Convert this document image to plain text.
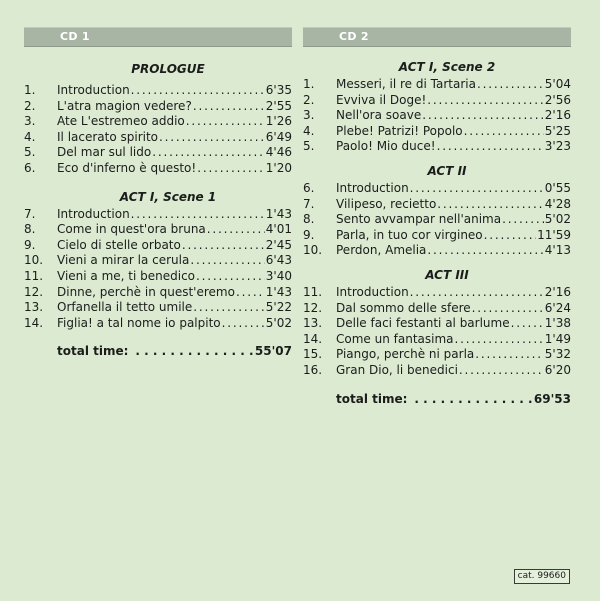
CD 1
PROLOGUE
1.	Introduction . . .	6'35
2.	L'atra magion vedere? . . .	2'55
3.	Ate L'estremeo addio . . .	1'26
4.	Il lacerato spirito . . .	6'49
5.	Del mar sul lido . . .	4'46
6.	Eco d'inferno è questo! . . .	1'20
ACT I, Scene 1
7.	Introduction . . .	1'43
8.	Come in quest'ora bruna . . .	4'01
9.	Cielo di stelle orbato . . .	2'45
10.	Vieni a mirar la cerula . . .	6'43
11.	Vieni a me, ti benedico . . .	3'40
12.	Dinne, perchè in quest'eremo . . .	1'43
13.	Orfanella il tetto umile . . .	5'22
14.	Figlia! a tal nome io palpito . . .	5'02
total time: . . .	55'07
CD 2
ACT I, Scene 2
1.	Messeri, il re di Tartaria . . .	5'04
2.	Evviva il Doge! . . .	2'56
3.	Nell'ora soave . . .	2'16
4.	Plebe! Patrizi! Popolo . . .	5'25
5.	Paolo! Mio duce! . . .	3'23
ACT II
6.	Introduction . . .	0'55
7.	Vilipeso, recietto . . .	4'28
8.	Sento avvampar nell'anima . . .	5'02
9.	Parla, in tuo cor virgineo . . .	11'59
10.	Perdon, Amelia . . .	4'13
ACT III
11.	Introduction . . .	2'16
12.	Dal sommo delle sfere . . .	6'24
13.	Delle faci festanti al barlume . . .	1'38
14.	Come un fantasima . . .	1'49
15.	Piango, perchè ni parla . . .	5'32
16.	Gran Dio, li benedici . . .	6'20
total time: . . .	69'53
cat. 99660
